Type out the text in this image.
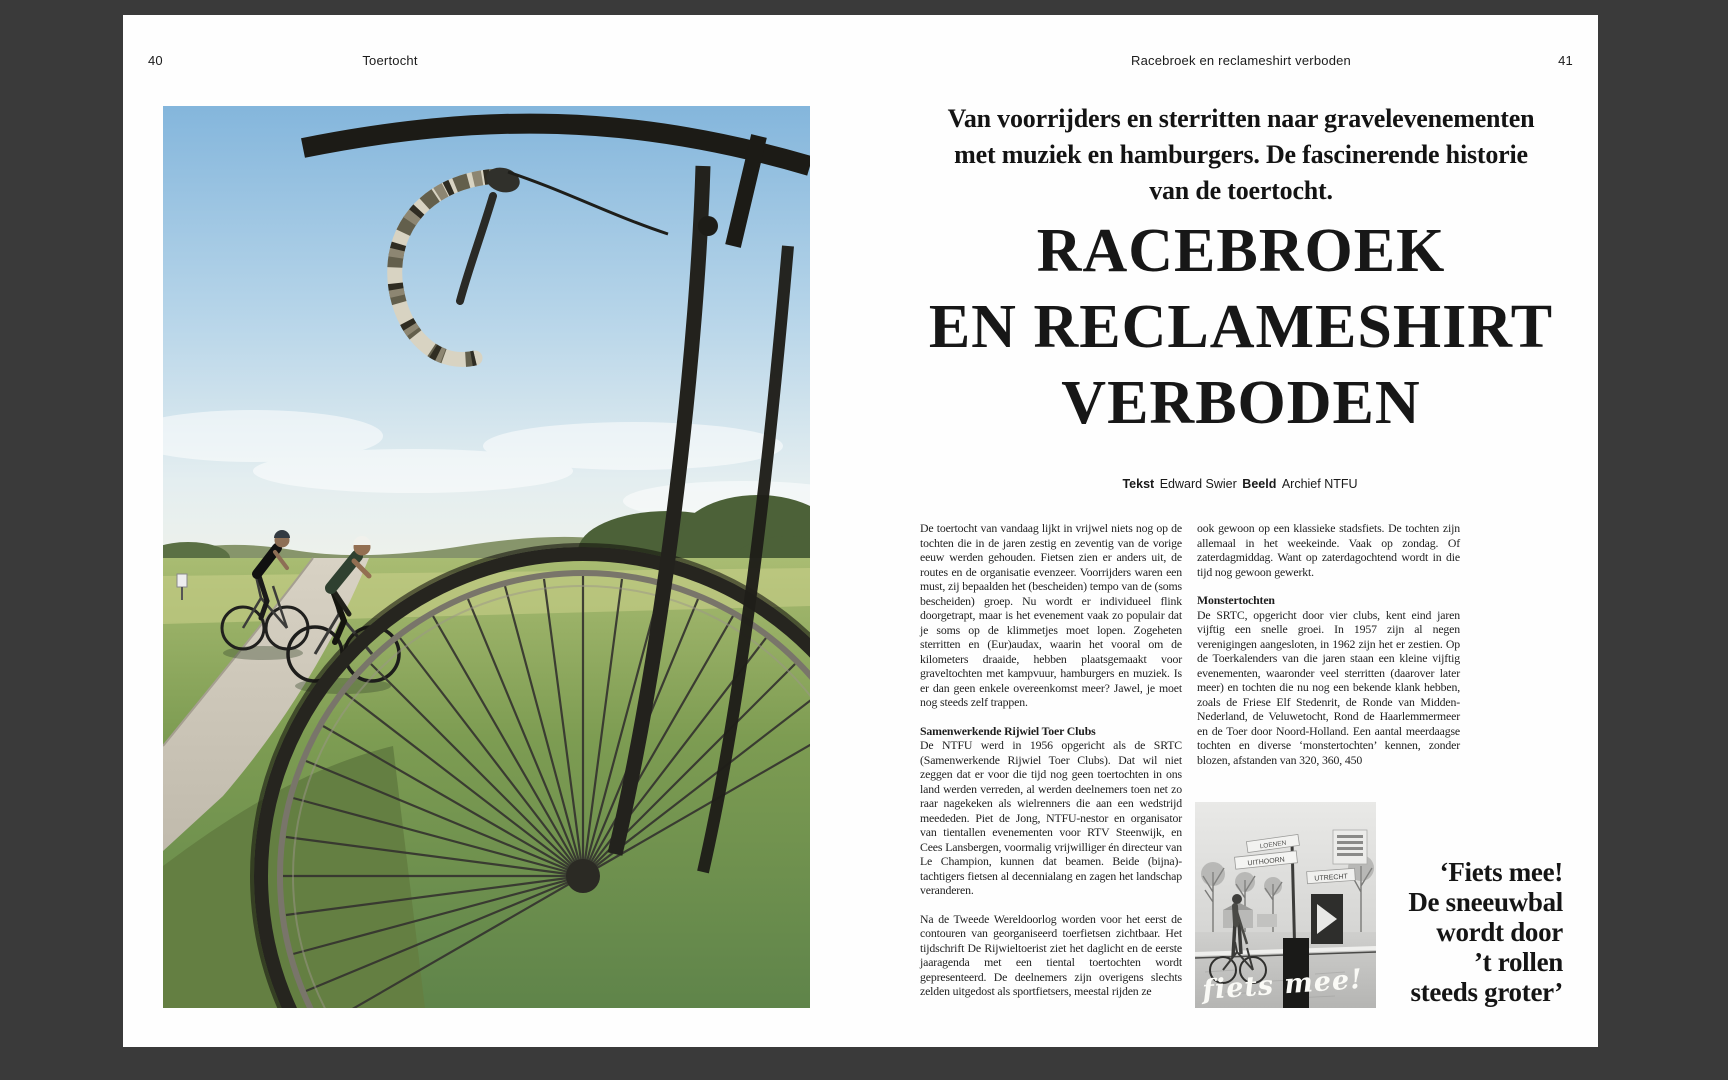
40	Toertocht	Racebroek en reclameshirt verboden	41
Van voorrijders en sterritten naar gravelevenementen
met muziek en hamburgers. De fascinerende historie
van de toertocht.
RACEBROEK
EN RECLAMESHIRT
VERBODEN
Tekst Edward Swier Beeld Archief NTFU

De toertocht van vandaag lijkt in vrijwel niets nog op de tochten die in de jaren zestig en zeventig van de vorige eeuw werden gehouden. Fietsen zien er anders uit, de routes en de organisatie evenzeer. Voorrijders waren een must, zij bepaalden het (bescheiden) tempo van de (soms bescheiden) groep. Nu wordt er individueel flink doorgetrapt, maar is het evenement vaak zo populair dat je soms op de klimmetjes moet lopen. Zogeheten sterritten en (Eur)audax, waarin het vooral om de kilometers draaide, hebben plaatsgemaakt voor graveltochten met kampvuur, hamburgers en muziek. Is er dan geen enkele overeenkomst meer? Jawel, je moet nog steeds zelf trappen.

Samenwerkende Rijwiel Toer Clubs

De NTFU werd in 1956 opgericht als de SRTC (Samenwerkende Rijwiel Toer Clubs). Dat wil niet zeggen dat er voor die tijd nog geen toertochten in ons land werden verreden, al werden deelnemers toen net zo raar nagekeken als wielrenners die aan een wedstrijd meededen. Piet de Jong, NTFU-nestor en organisator van tientallen evenementen voor RTV Steenwijk, en Cees Lansbergen, voormalig vrijwilliger én directeur van Le Champion, kunnen dat beamen. Beide (bijna)-tachtigers fietsen al decennialang en zagen het landschap veranderen.

Na de Tweede Wereldoorlog worden voor het eerst de contouren van georganiseerd toerfietsen zichtbaar. Het tijdschrift De Rijwieltoerist ziet het daglicht en de eerste jaaragenda met een tiental toertochten wordt gepresenteerd. De deelnemers zijn overigens slechts zelden uitgedost als sportfietsers, meestal rijden ze

ook gewoon op een klassieke stadsfiets. De tochten zijn allemaal in het weekeinde. Vaak op zondag. Of zaterdagmiddag. Want op zaterdagochtend wordt in die tijd nog gewoon gewerkt.

Monstertochten

De SRTC, opgericht door vier clubs, kent eind jaren vijftig een snelle groei. In 1957 zijn al negen verenigingen aangesloten, in 1962 zijn het er zestien. Op de Toerkalenders van die jaren staan een kleine vijftig evenementen, waaronder veel sterritten (daarover later meer) en tochten die nu nog een bekende klank hebben, zoals de Friese Elf Stedenrit, de Ronde van Midden-Nederland, de Veluwetocht, Rond de Haarlemmermeer en de Toer door Noord-Holland. Een aantal meerdaagse tochten en diverse ‘monstertochten’ kennen, zonder blozen, afstanden van 320, 360, 450

LOENEN
UITHOORN
UTRECHT
fiets mee!
‘Fiets mee!
De sneeuwbal
wordt door
’t rollen
steeds groter’
